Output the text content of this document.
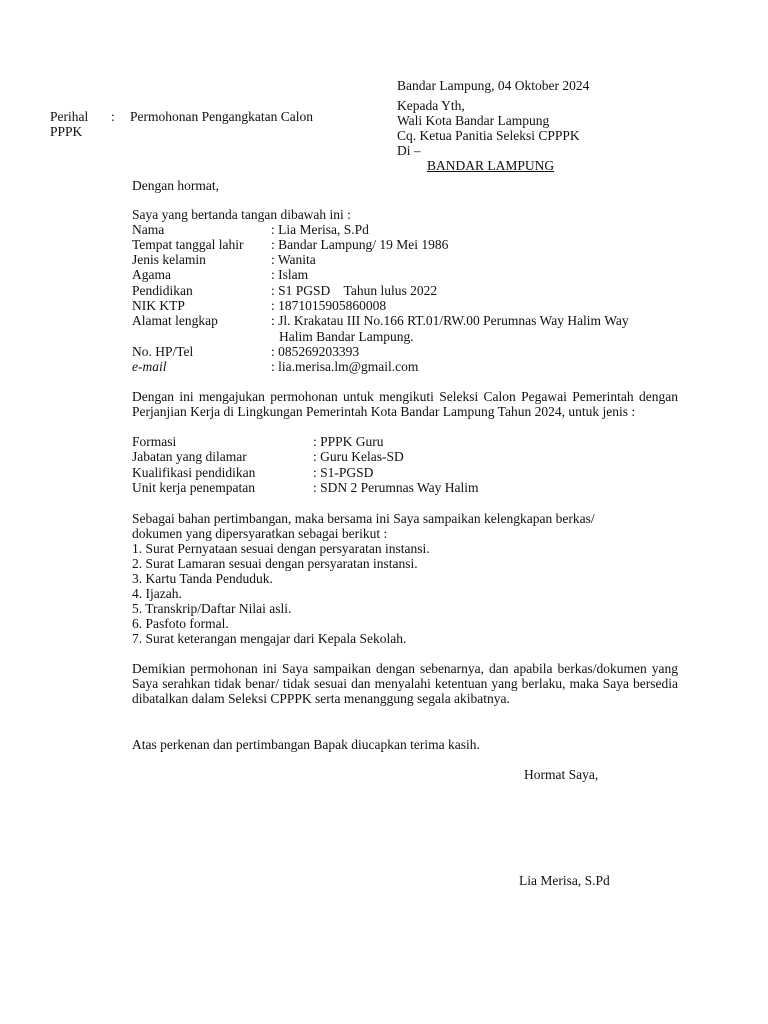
Bandar Lampung, 04 Oktober 2024
Perihal : Permohonan Pengangkatan Calon
PPPK
Kepada Yth,
Wali Kota Bandar Lampung
Cq. Ketua Panitia Seleksi CPPPK
Di –
BANDAR LAMPUNG
Dengan hormat,
Saya yang bertanda tangan dibawah ini :
Nama	: Lia Merisa, S.Pd
Tempat tanggal lahir : Bandar Lampung/ 19 Mei 1986
Jenis kelamin	: Wanita
Agama	: Islam
Pendidikan	: S1 PGSD    Tahun lulus 2022
NIK KTP	: 1871015905860008
Alamat lengkap	: Jl. Krakatau III No.166 RT.01/RW.00 Perumnas Way Halim Way
Halim Bandar Lampung.
No. HP/Tel	: 085269203393
e-mail	: lia.merisa.lm@gmail.com
Dengan ini mengajukan permohonan untuk mengikuti Seleksi Calon Pegawai Pemerintah dengan Perjanjian Kerja di Lingkungan Pemerintah Kota Bandar Lampung Tahun 2024, untuk jenis :
Formasi	: PPPK Guru
Jabatan yang dilamar	: Guru Kelas-SD
Kualifikasi pendidikan	: S1-PGSD
Unit kerja penempatan	: SDN 2 Perumnas Way Halim
Sebagai bahan pertimbangan, maka bersama ini Saya sampaikan kelengkapan berkas/
dokumen yang dipersyaratkan sebagai berikut :
1. Surat Pernyataan sesuai dengan persyaratan instansi.
2. Surat Lamaran sesuai dengan persyaratan instansi.
3. Kartu Tanda Penduduk.
4. Ijazah.
5. Transkrip/Daftar Nilai asli.
6. Pasfoto formal.
7. Surat keterangan mengajar dari Kepala Sekolah.
Demikian permohonan ini Saya sampaikan dengan sebenarnya, dan apabila berkas/dokumen yang Saya serahkan tidak benar/ tidak sesuai dan menyalahi ketentuan yang berlaku, maka Saya bersedia dibatalkan dalam Seleksi CPPPK serta menanggung segala akibatnya.
Atas perkenan dan pertimbangan Bapak diucapkan terima kasih.
Hormat Saya,
Lia Merisa, S.Pd
